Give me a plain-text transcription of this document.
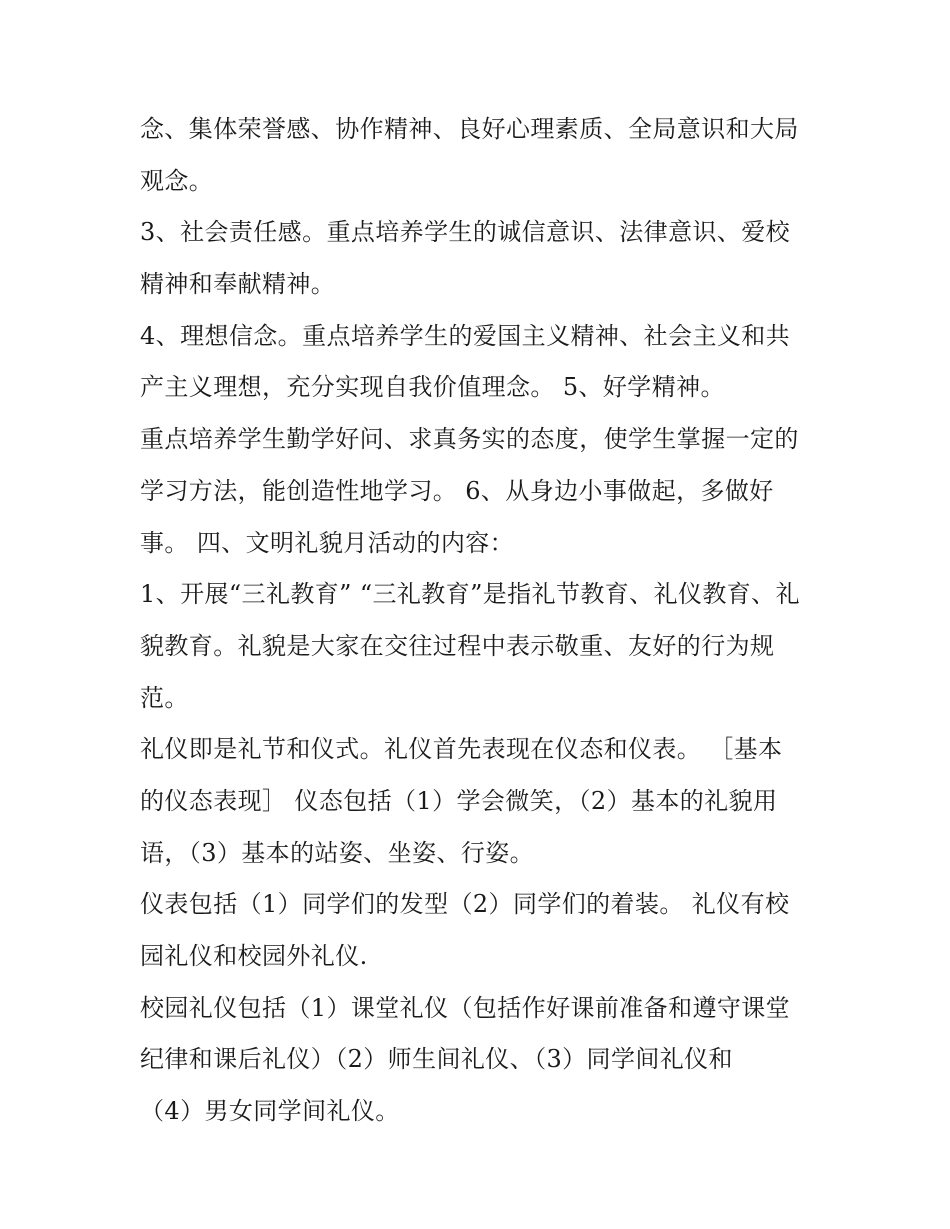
念、集体荣誉感、协作精神、良好心理素质、全局意识和大局
观念。
3、社会责任感。重点培养学生的诚信意识、法律意识、爱校
精神和奉献精神。
4、理想信念。重点培养学生的爱国主义精神、社会主义和共
产主义理想，充分实现自我价值理念。 5、好学精神。
重点培养学生勤学好问、求真务实的态度，使学生掌握一定的
学习方法，能创造性地学习。 6、从身边小事做起，多做好
事。 四、文明礼貌月活动的内容：
1、开展“三礼教育” “三礼教育”是指礼节教育、礼仪教育、礼
貌教育。礼貌是大家在交往过程中表示敬重、友好的行为规
范。
礼仪即是礼节和仪式。礼仪首先表现在仪态和仪表。 ［基本
的仪态表现］ 仪态包括（1）学会微笑，（2）基本的礼貌用
语，（3）基本的站姿、坐姿、行姿。
仪表包括（1）同学们的发型（2）同学们的着装。 礼仪有校
园礼仪和校园外礼仪.
校园礼仪包括（1）课堂礼仪（包括作好课前准备和遵守课堂
纪律和课后礼仪）（2）师生间礼仪、（3）同学间礼仪和
（4）男女同学间礼仪。
